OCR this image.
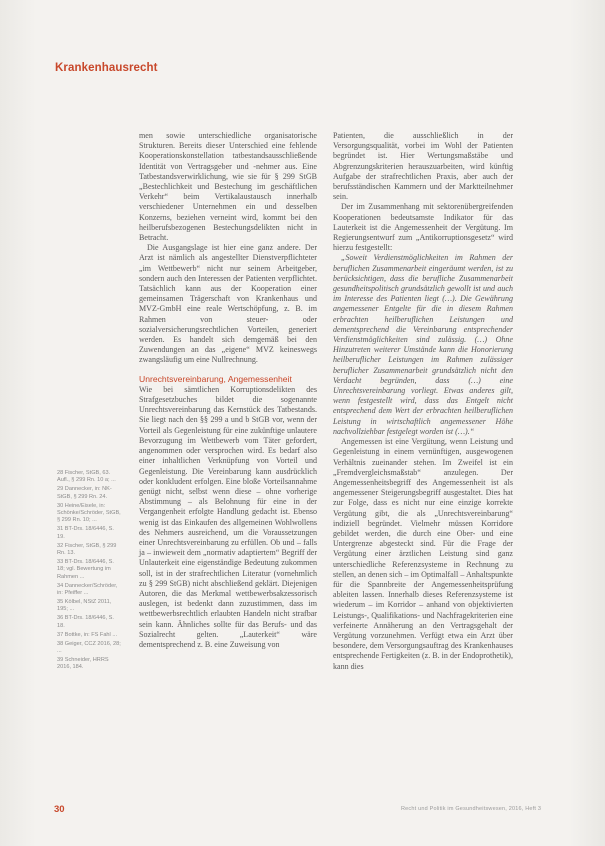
Krankenhausrecht

men sowie unterschiedliche organisatorische Strukturen. Bereits dieser Unterschied eine fehlende Kooperationskonstellation tatbestandsausschließende Identität von Vertragsgeber und -nehmer aus. Eine Tatbestandsverwirklichung, wie sie für § 299 StGB „Bestechlichkeit und Bestechung im geschäftlichen Verkehr“ beim Vertikalaustausch innerhalb verschiedener Unternehmen ein und desselben Konzerns, beziehen verneint wird, kommt bei den heilberufsbezogenen Bestechungsdelikten nicht in Betracht.

Die Ausgangslage ist hier eine ganz andere. Der Arzt ist nämlich als angestellter Dienstverpflichteter „im Wettbewerb“ nicht nur seinem Arbeitgeber, sondern auch den Interessen der Patienten verpflichtet. Tatsächlich kann aus der Kooperation einer gemeinsamen Trägerschaft von Krankenhaus und MVZ-GmbH eine reale Wertschöpfung, z. B. im Rahmen von steuer- oder sozialversicherungsrechtlichen Vorteilen, generiert werden. Es handelt sich demgemäß bei den Zuwendungen an das „eigene“ MVZ keineswegs zwangsläufig um eine Nullrechnung.

Unrechtsvereinbarung, Angemessenheit

Wie bei sämtlichen Korruptionsdelikten des Strafgesetzbuches bildet die sogenannte Unrechtsvereinbarung das Kernstück des Tatbestands. Sie liegt nach den §§ 299 a und b StGB vor, wenn der Vorteil als Gegenleistung für eine zukünftige unlautere Bevorzugung im Wettbewerb vom Täter gefordert, angenommen oder versprochen wird. Es bedarf also einer inhaltlichen Verknüpfung von Vorteil und Gegenleistung. Die Vereinbarung kann ausdrücklich oder konkludent erfolgen. Eine bloße Vorteilsannahme genügt nicht, selbst wenn diese – ohne vorherige Abstimmung – als Belohnung für eine in der Vergangenheit erfolgte Handlung gedacht ist. Ebenso wenig ist das Einkaufen des allgemeinen Wohlwollens des Nehmers ausreichend, um die Voraussetzungen einer Unrechtsvereinbarung zu erfüllen. Ob und – falls ja – inwieweit dem „normativ adaptiertem“ Begriff der Unlauterkeit eine eigenständige Bedeutung zukommen soll, ist in der strafrechtlichen Literatur (vornehmlich zu § 299 StGB) nicht abschließend geklärt. Diejenigen Autoren, die das Merkmal wettbewerbsakzessorisch auslegen, ist bedenkt dann zuzustimmen, dass im wettbewerbsrechtlich erlaubten Handeln nicht strafbar sein kann. Ähnliches sollte für das Berufs- und das Sozialrecht gelten. „Lauterkeit“ wäre dementsprechend z. B. eine Zuweisung von

Patienten, die ausschließlich in der Versorgungsqualität, vorbei im Wohl der Patienten begründet ist. Hier Wertungsmaßstäbe und Abgrenzungskriterien herauszuarbeiten, wird künftig Aufgabe der strafrechtlichen Praxis, aber auch der berufsständischen Kammern und der Marktteilnehmer sein.

Der im Zusammenhang mit sektorenübergreifenden Kooperationen bedeutsamste Indikator für das Lauterkeit ist die Angemessenheit der Vergütung. Im Regierungsentwurf zum „Antikorruptionsgesetz“ wird hierzu festgestellt:

„Soweit Verdienstmöglichkeiten im Rahmen der beruflichen Zusammenarbeit eingeräumt werden, ist zu berücksichtigen, dass die berufliche Zusammenarbeit gesundheitspolitisch grundsätzlich gewollt ist und auch im Interesse des Patienten liegt (…). Die Gewährung angemessener Entgelte für die in diesem Rahmen erbrachten heilberuflichen Leistungen und dementsprechend die Vereinbarung entsprechender Verdienstmöglichkeiten sind zulässig. (…) Ohne Hinzutreten weiterer Umstände kann die Honorierung heilberuflicher Leistungen im Rahmen zulässiger beruflicher Zusammenarbeit grundsätzlich nicht den Verdacht begründen, dass (…) eine Unrechtsvereinbarung vorliegt. Etwas anderes gilt, wenn festgestellt wird, dass das Entgelt nicht entsprechend dem Wert der erbrachten heilberuflichen Leistung in wirtschaftlich angemessener Höhe nachvollziehbar festgelegt worden ist (…).“

Angemessen ist eine Vergütung, wenn Leistung und Gegenleistung in einem vernünftigen, ausgewogenen Verhältnis zueinander stehen. Im Zweifel ist ein „Fremdvergleichsmaßstab“ anzulegen. Der Angemessenheitsbegriff des Angemessenheit ist als angemessener Steigerungsbegriff ausgestaltet. Dies hat zur Folge, dass es nicht nur eine einzige korrekte Vergütung gibt, die als „Unrechtsvereinbarung“ indiziell begründet. Vielmehr müssen Korridore gebildet werden, die durch eine Ober- und eine Untergrenze abgesteckt sind. Für die Frage der Vergütung einer ärztlichen Leistung sind ganz unterschiedliche Referenzsysteme in Rechnung zu stellen, an denen sich – im Optimalfall – Anhaltspunkte für die Spannbreite der Angemessenheitsprüfung ableiten lassen. Innerhalb dieses Referenzsysteme ist wiederum – im Korridor – anhand von objektivierten Leistungs-, Qualifikations- und Nachfragekriterien eine verfeinerte Annäherung an den Vertragsgehalt der Vergütung vorzunehmen. Verfügt etwa ein Arzt über besondere, dem Versorgungsauftrag des Krankenhauses entsprechende Fertigkeiten (z. B. in der Endoprothetik), kann dies

28 Fischer, StGB, 63. Aufl., § 299 Rn. 10 a; ...
29 Dannecker, in: NK-StGB, § 299 Rn. 24.
30 Heine/Eisele, in: Schönke/Schröder, StGB, § 299 Rn. 10; ...
31 BT-Drs. 18/6446, S. 19.
32 Fischer, StGB, § 299 Rn. 13.
33 BT-Drs. 18/6446, S. 18; vgl. Bewertung im Rahmen ...
34 Dannecker/Schröder, in: Pfeiffer ...
35 Kölbel, NStZ 2011, 195; ...
36 BT-Drs. 18/6446, S. 18.
37 Bottke, in: FS Fahl ...
38 Geiger, CCZ 2016, 28; ...
39 Schneider, HRRS 2016, 184.
30	Recht und Politik im Gesundheitswesen, 2016, Heft 3
